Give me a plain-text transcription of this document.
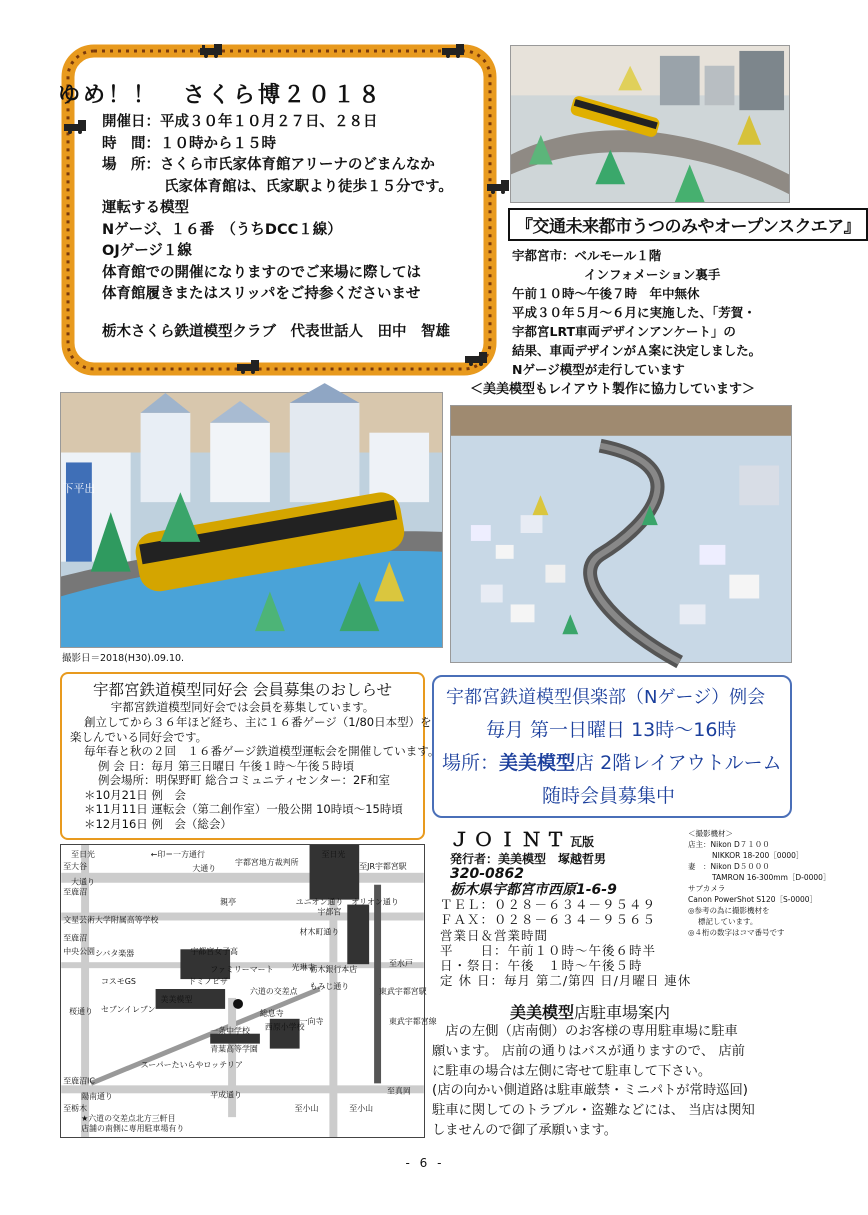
ゆめ！！　さくら博２０１８
開催日：平成３０年１０月２７日、２８日
時　間：１０時から１５時
場　所：さくら市氏家体育館アリーナのどまんなか
氏家体育館は、氏家駅より徒歩１５分です。
運転する模型
Nゲージ、１６番　（うちDCC１線）
OJゲージ１線
体育館での開催になりますのでご来場に際しては
体育館履きまたはスリッパをご持参くださいませ
栃木さくら鉄道模型クラブ　代表世話人　田中　智雄
『交通未来都市うつのみやオープンスクエア』
宇都宮市：ベルモール１階
インフォメーション裏手
午前１０時～午後７時　年中無休
平成３０年５月～６月に実施した、「芳賀・
宇都宮LRT車両デザインアンケート」の
結果、車両デザインがＡ案に決定しました。
Nゲージ模型が走行しています
＜美美模型もレイアウト製作に協力しています＞
下平出
撮影日＝2018(H30).09.10.
宇都宮鉄道模型同好会 会員募集のおしらせ
宇都宮鉄道模型同好会では会員を募集しています。
創立してから３６年ほど経ち、主に１６番ゲージ（1/80日本型）を
楽しんでいる同好会です。
毎年春と秋の２回　１６番ゲージ鉄道模型運転会を開催しています。
例 会 日：毎月 第三日曜日 午後１時～午後５時頃
例会場所：明保野町 総合コミュニティセンター：2F和室
＊10月21日 例　会
＊11月11日 運転会（第二創作室）一般公開 10時頃～15時頃
＊12月16日 例　会（総会）
宇都宮鉄道模型倶楽部（Nゲージ）例会
毎月 第一日曜日 13時～16時
場所：美美模型店 2階レイアウトルーム
随時会員募集中
至日光	至日光
至大谷	大通り
←印＝一方通行
宇都宮地方裁判所	至JR宇都宮駅
至鹿沼
親亭	ユニオン通り オリオン通り
文星芸術大学附属高等学校
宇都宮
東武宇都宮駅
至鹿沼
中央公園 シバタ楽器	宇都宮女子高
ファミリーマート	栃木銀行本店
ドミノピザ
美美模型
もみじ通り
至水戸
コスモGS
セブンイレブン
桜通り
六道の交差点
総息寺
西原小学校
一条中学校
一向寺
青葉高等学園
東武宇都宮線
至鹿沼IC
スーパーたいらやロッテリア
陽南通り	平成通り
至栃木	至小山	至小山
至真岡
★六道の交差点北方三軒目
店舗の南側に専用駐車場有り
材木町通り
大通り
光琳寺
ＪＯＩＮＴ瓦版
発行者：美美模型　塚越哲男
320-0862
栃木県宇都宮市西原1-6-9
ＴＥＬ：０２８－６３４－９５４９
ＦＡＸ：０２８－６３４－９５６５
営業日＆営業時間
平　　日：午前１０時～午後６時半
日・祭日：午後　１時～午後５時
定 休 日：毎月 第二/第四 日/月曜日 連休
＜撮影機材＞
店主：Nikon D７１００
NIKKOR 18-200［0000］
妻　：Nikon D５０００
TAMRON 16-300mm［D-0000］
サブカメラ
Canon PowerShot S120［S-0000］
◎参考の為に撮影機材を
標記しています。
◎４桁の数字はコマ番号です
美美模型店駐車場案内
　店の左側（店南側）のお客様の専用駐車場に駐車
願います。 店前の通りはバスが通りますので、 店前
に駐車の場合は左側に寄せて駐車して下さい。
(店の向かい側道路は駐車厳禁・ミニパトが常時巡回)
駐車に関してのトラブル・盗難などには、 当店は関知
しませんので御了承願います。
- 6 -
